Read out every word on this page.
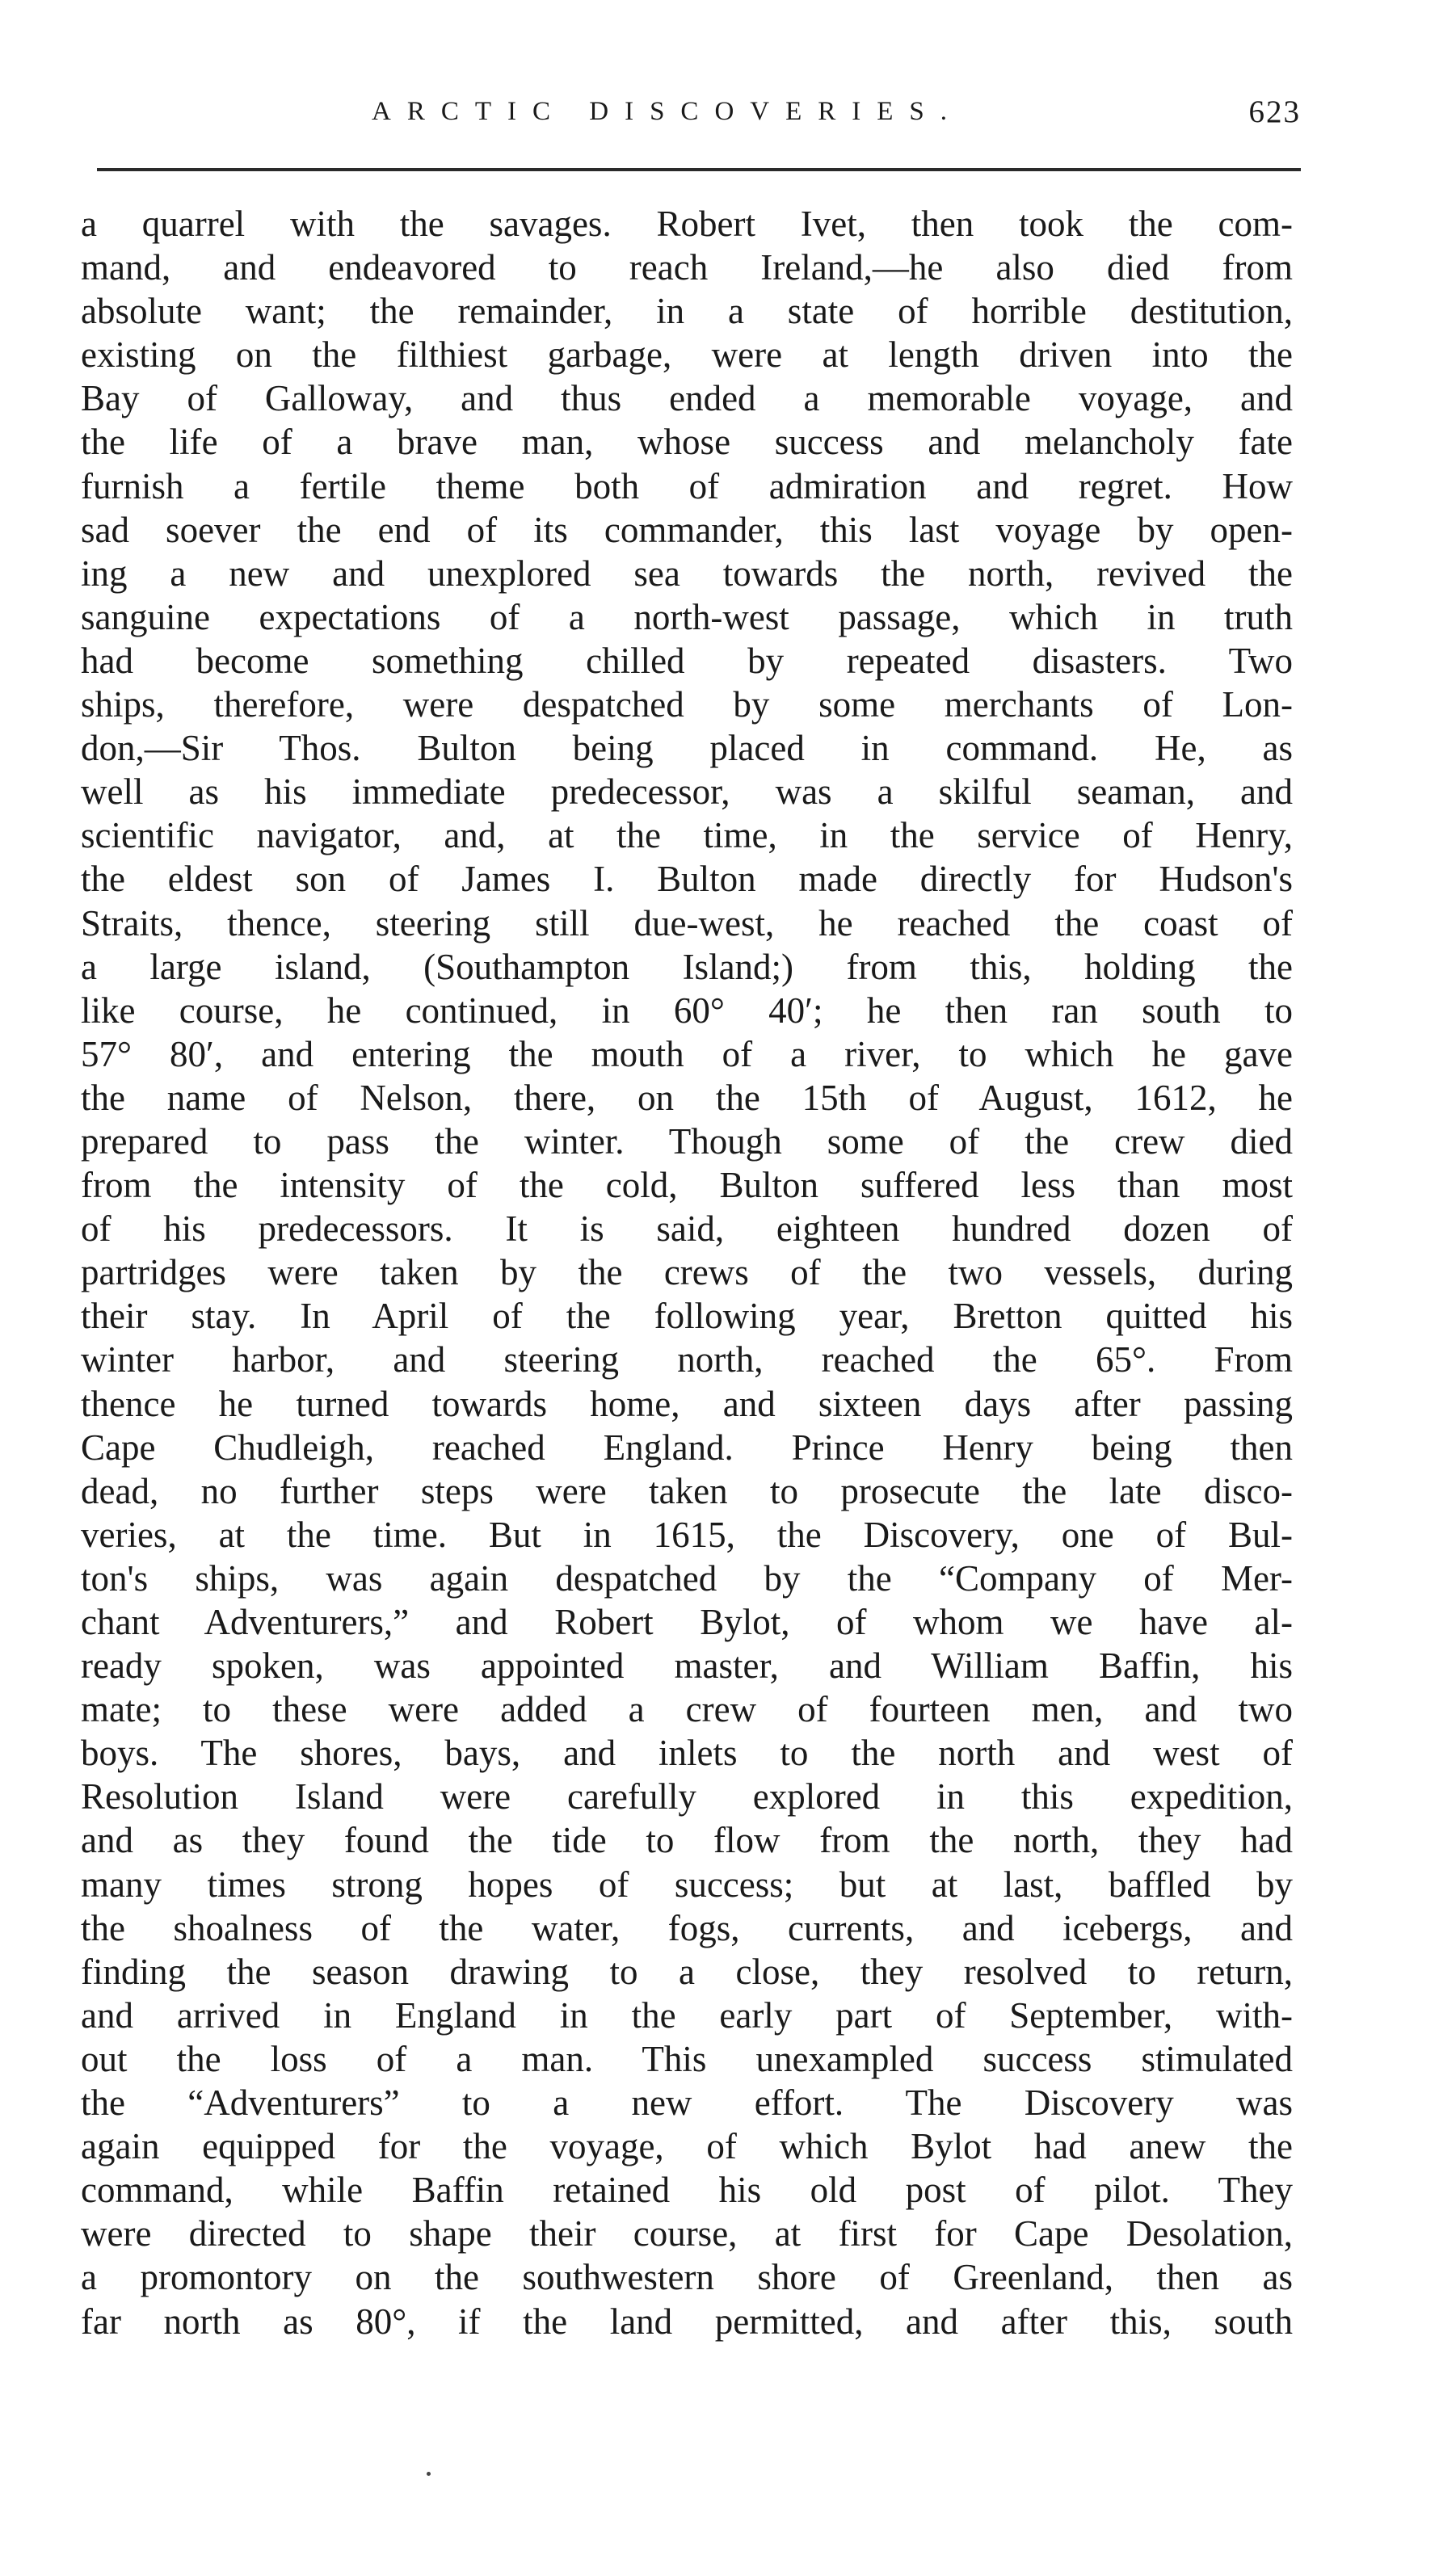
ARCTIC DISCOVERIES.	623
a quarrel with the savages. Robert Ivet, then took the com-
mand, and endeavored to reach Ireland,—he also died from
absolute want; the remainder, in a state of horrible destitution,
existing on the filthiest garbage, were at length driven into the
Bay of Galloway, and thus ended a memorable voyage, and
the life of a brave man, whose success and melancholy fate
furnish a fertile theme both of admiration and regret. How
sad soever the end of its commander, this last voyage by open-
ing a new and unexplored sea towards the north, revived the
sanguine expectations of a north-west passage, which in truth
had become something chilled by repeated disasters. Two
ships, therefore, were despatched by some merchants of Lon-
don,—Sir Thos. Bulton being placed in command. He, as
well as his immediate predecessor, was a skilful seaman, and
scientific navigator, and, at the time, in the service of Henry,
the eldest son of James I. Bulton made directly for Hudson's
Straits, thence, steering still due-west, he reached the coast of
a large island, (Southampton Island;) from this, holding the
like course, he continued, in 60° 40′; he then ran south to
57° 80′, and entering the mouth of a river, to which he gave
the name of Nelson, there, on the 15th of August, 1612, he
prepared to pass the winter. Though some of the crew died
from the intensity of the cold, Bulton suffered less than most
of his predecessors. It is said, eighteen hundred dozen of
partridges were taken by the crews of the two vessels, during
their stay. In April of the following year, Bretton quitted his
winter harbor, and steering north, reached the 65°. From
thence he turned towards home, and sixteen days after passing
Cape Chudleigh, reached England. Prince Henry being then
dead, no further steps were taken to prosecute the late disco-
veries, at the time. But in 1615, the Discovery, one of Bul-
ton's ships, was again despatched by the “Company of Mer-
chant Adventurers,” and Robert Bylot, of whom we have al-
ready spoken, was appointed master, and William Baffin, his
mate; to these were added a crew of fourteen men, and two
boys. The shores, bays, and inlets to the north and west of
Resolution Island were carefully explored in this expedition,
and as they found the tide to flow from the north, they had
many times strong hopes of success; but at last, baffled by
the shoalness of the water, fogs, currents, and icebergs, and
finding the season drawing to a close, they resolved to return,
and arrived in England in the early part of September, with-
out the loss of a man. This unexampled success stimulated
the “Adventurers” to a new effort. The Discovery was
again equipped for the voyage, of which Bylot had anew the
command, while Baffin retained his old post of pilot. They
were directed to shape their course, at first for Cape Desolation,
a promontory on the southwestern shore of Greenland, then as
far north as 80°, if the land permitted, and after this, south
